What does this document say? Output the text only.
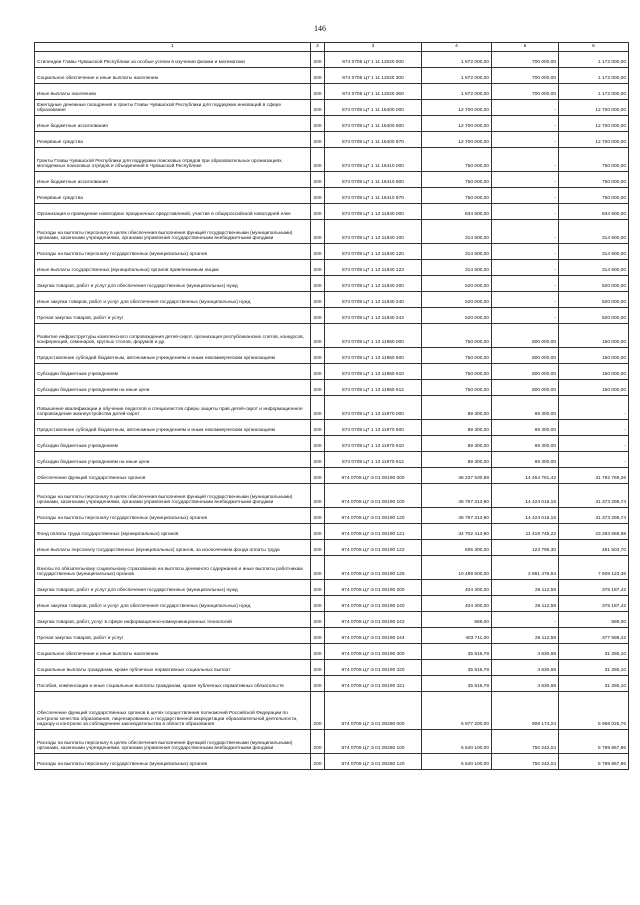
146
1	2	3	4	5	6
Стипендии Главы Чувашской Республики за особые успехи в изучении физики и математики	200	874 0706 Ц7 1 11 11920 000	1 872 000,00	700 000,00	1 172 000,00
Социальное обеспечение и иные выплаты населению	200	874 0706 Ц7 1 11 11920 300	1 872 000,00	700 000,00	1 172 000,00
Иные выплаты населению	200	874 0706 Ц7 1 11 11920 360	1 872 000,00	700 000,00	1 172 000,00
Ежегодные денежные поощрения и гранты Главы Чувашской Республики для поддержки инноваций в сфере образования	200	874 0709 Ц7 1 11 16400 000	12 700 000,00	-	12 700 000,00
Иные бюджетные ассигнования	200	874 0709 Ц7 1 11 16400 800	12 700 000,00	-	12 700 000,00
Резервные средства	200	874 0709 Ц7 1 11 16400 870	12 700 000,00	-	12 700 000,00
Гранты Главы Чувашской Республики для поддержки поисковых отрядов при образовательных организациях, молодежных поисковых отрядов и объединений в Чувашской Республике	200	874 0709 Ц7 1 11 16410 000	750 000,00	-	750 000,00
Иные бюджетные ассигнования	200	874 0709 Ц7 1 11 16410 800	750 000,00	-	750 000,00
Резервные средства	200	874 0709 Ц7 1 11 16410 870	750 000,00	-	750 000,00
Организация и проведение новогодних праздничных представлений, участие в общероссийской новогодней елке	200	874 0709 Ц7 1 12 11940 000	834 600,00	-	834 600,00
Расходы на выплаты персоналу в целях обеспечения выполнения функций государственными (муниципальными) органами, казенными учреждениями, органами управления государственными внебюджетными фондами	200	874 0709 Ц7 1 12 11940 100	314 600,00	-	314 600,00
Расходы на выплаты персоналу государственных (муниципальных) органов	200	874 0709 Ц7 1 12 11940 120	314 600,00	-	314 600,00
Иные выплаты государственных (муниципальных) органов привлекаемым лицам	200	874 0709 Ц7 1 12 11940 123	314 600,00	-	314 600,00
Закупка товаров, работ и услуг для обеспечения государственных (муниципальных) нужд	200	874 0709 Ц7 1 12 11940 200	520 000,00	-	520 000,00
Иные закупки товаров, работ и услуг для обеспечения государственных (муниципальных) нужд	200	874 0709 Ц7 1 12 11940 240	520 000,00	-	520 000,00
Прочая закупка товаров, работ и услуг	200	874 0709 Ц7 1 12 11940 244	520 000,00	-	520 000,00
Развитие инфраструктуры комплексного сопровождения детей-сирот, организация республиканских слетов, конкурсов, конференций, семинаров, круглых столов, форумов и др.	200	874 0709 Ц7 1 13 11960 000	750 000,00	600 000,00	150 000,00
Предоставление субсидий бюджетным, автономным учреждениям и иным некоммерческим организациям	200	874 0709 Ц7 1 13 11960 600	750 000,00	600 000,00	150 000,00
Субсидии бюджетным учреждениям	200	874 0709 Ц7 1 13 11960 610	750 000,00	600 000,00	150 000,00
Субсидии бюджетным учреждениям на иные цели	200	874 0709 Ц7 1 13 11960 612	750 000,00	600 000,00	150 000,00
Повышение квалификации и обучение педагогов и специалистов сферы защиты прав детей-сирот и информационное сопровождение жизнеустройства детей-сирот	200	874 0709 Ц7 1 13 11970 000	89 300,00	89 300,00	-
Предоставление субсидий бюджетным, автономным учреждениям и иным некоммерческим организациям	200	874 0709 Ц7 1 13 11970 600	89 300,00	89 300,00	-
Субсидии бюджетным учреждениям	200	874 0709 Ц7 1 13 11970 610	89 300,00	89 300,00	-
Субсидии бюджетным учреждениям на иные цели	200	874 0709 Ц7 1 13 11970 612	89 300,00	89 300,00	-
Обеспечение функций государственных органов	200	874 0709 Ц7 Э 01 00190 000	46 237 530,88	14 454 761,42	31 782 769,26
Расходы на выплаты персоналу в целях обеспечения выполнения функций государственными (муниципальными) органами, казенными учреждениями, органами управления государственными внебюджетными фондами	200	874 0709 Ц7 Э 01 00190 100	45 797 313,90	14 424 018,16	31 373 295,74
Расходы на выплаты персоналу государственных (муниципальных) органов	200	874 0709 Ц7 Э 01 00190 120	45 797 313,90	14 424 018,16	31 373 295,74
Фонд оплаты труда государственных (муниципальных) органов	200	874 0709 Ц7 Э 01 00190 121	34 702 413,90	11 418 745,22	23 283 668,68
Иные выплаты персоналу государственных (муниципальных) органов, за исключением фонда оплаты труда	200	874 0709 Ц7 Э 01 00190 122	605 300,00	123 796,30	481 503,70
Взносы по обязательному социальному страхованию на выплаты денежного содержания и иные выплаты работникам государственных (муниципальных) органов	200	874 0709 Ц7 Э 01 00190 129	10 489 600,00	2 881 476,64	7 608 123,36
Закупка товаров, работ и услуг для обеспечения государственных (муниципальных) нужд	200	874 0709 Ц7 Э 01 00190 200	404 300,00	26 112,58	378 187,42
Иные закупки товаров, работ и услуг для обеспечения государственных (муниципальных) нужд	200	874 0709 Ц7 Э 01 00190 240	404 300,00	26 112,58	378 187,42
Закупка товаров, работ, услуг в сфере информационно-коммуникационных технологий	200	874 0709 Ц7 Э 01 00190 242	589,00	-	589,00
Прочая закупка товаров, работ и услуг	200	874 0709 Ц7 Э 01 00190 244	403 711,00	26 112,58	377 598,42
Социальное обеспечение и иные выплаты населению	200	874 0709 Ц7 Э 01 00190 300	35 916,78	4 630,68	31 286,10
Социальные выплаты гражданам, кроме публичных нормативных социальных выплат	200	874 0709 Ц7 Э 01 00190 320	35 916,78	4 630,68	31 286,10
Пособия, компенсации и иные социальные выплаты гражданам, кроме публичных нормативных обязательств	200	874 0709 Ц7 Э 01 00190 321	35 916,78	4 630,68	31 286,10
Обеспечение функций государственных органов в целях осуществления полномочий Российской Федерации по контролю качества образования, лицензированию и государственной аккредитации образовательной деятельности, надзору и контролю за соблюдением законодательства в области образования	200	874 0709 Ц7 Э 01 00280 000	6 877 200,00	909 174,24	5 968 025,76
Расходы на выплаты персоналу в целях обеспечения выполнения функций государственными (муниципальными) органами, казенными учреждениями, органами управления государственными внебюджетными фондами	200	874 0709 Ц7 Э 01 00280 100	6 540 100,00	750 242,04	5 789 857,96
Расходы на выплаты персоналу государственных (муниципальных) органов	200	874 0709 Ц7 Э 01 00280 120	6 540 100,00	750 242,04	5 789 857,96
